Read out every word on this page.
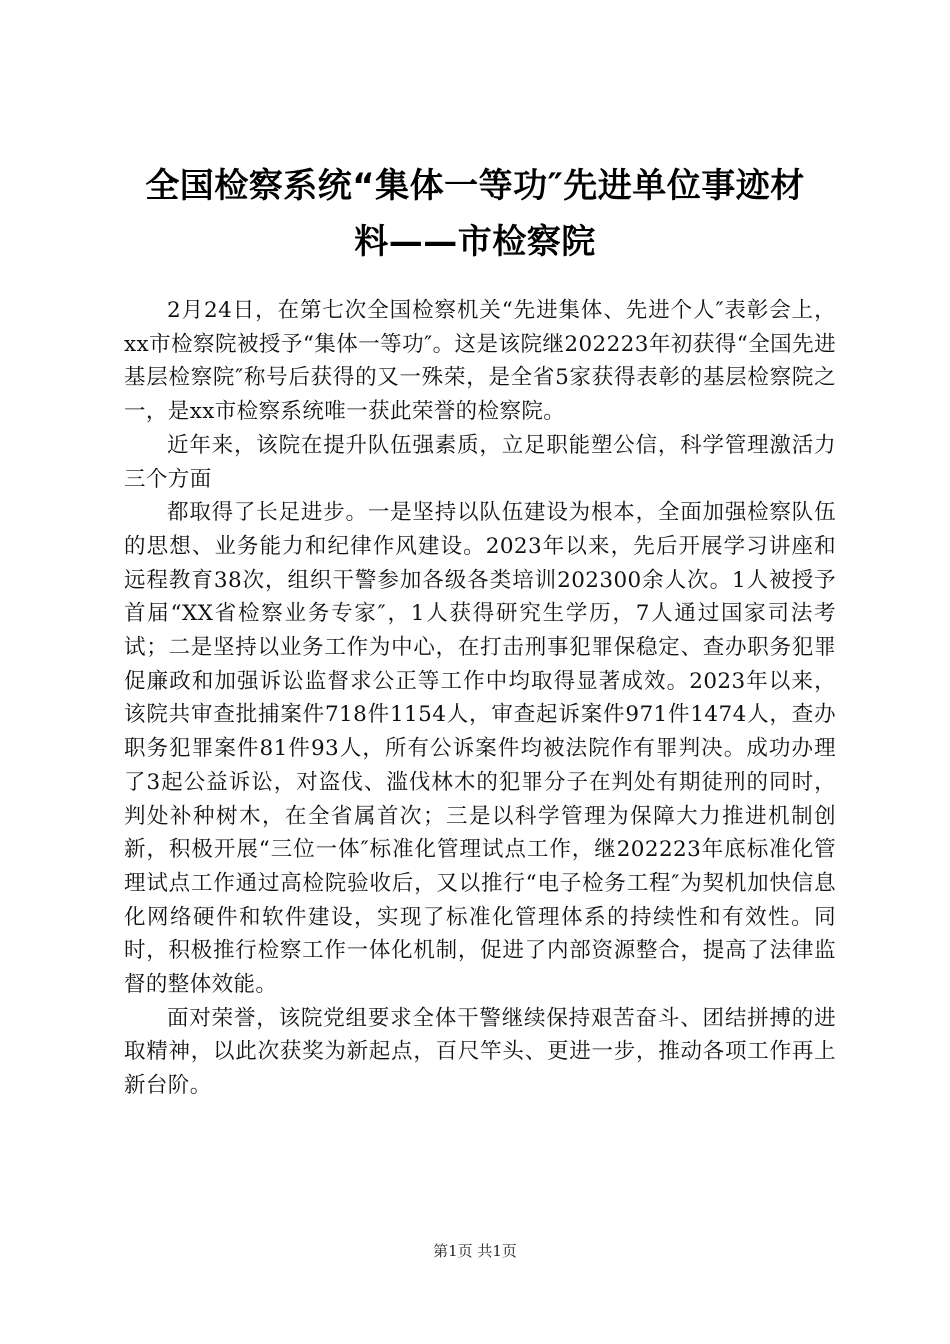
全国检察系统“集体一等功″先进单位事迹材
料——市检察院

2月24日，在第七次全国检察机关“先进集体、先进个人″表彰会上，xx市检察院被授予“集体一等功″。这是该院继202223年初获得“全国先进基层检察院″称号后获得的又一殊荣，是全省5家获得表彰的基层检察院之一，是xx市检察系统唯一获此荣誉的检察院。

近年来，该院在提升队伍强素质，立足职能塑公信，科学管理激活力三个方面

都取得了长足进步。一是坚持以队伍建设为根本，全面加强检察队伍的思想、业务能力和纪律作风建设。2023年以来，先后开展学习讲座和远程教育38次，组织干警参加各级各类培训202300余人次。1人被授予首届“XX省检察业务专家″，1人获得研究生学历，7人通过国家司法考试；二是坚持以业务工作为中心，在打击刑事犯罪保稳定、查办职务犯罪促廉政和加强诉讼监督求公正等工作中均取得显著成效。2023年以来，该院共审查批捕案件718件1154人，审查起诉案件971件1474人，查办职务犯罪案件81件93人，所有公诉案件均被法院作有罪判决。成功办理了3起公益诉讼，对盗伐、滥伐林木的犯罪分子在判处有期徒刑的同时，判处补种树木，在全省属首次；三是以科学管理为保障大力推进机制创新，积极开展“三位一体″标准化管理试点工作，继202223年底标准化管理试点工作通过高检院验收后，又以推行“电子检务工程″为契机加快信息化网络硬件和软件建设，实现了标准化管理体系的持续性和有效性。同时，积极推行检察工作一体化机制，促进了内部资源整合，提高了法律监督的整体效能。

面对荣誉，该院党组要求全体干警继续保持艰苦奋斗、团结拼搏的进取精神，以此次获奖为新起点，百尺竿头、更进一步，推动各项工作再上新台阶。

第1页 共1页
